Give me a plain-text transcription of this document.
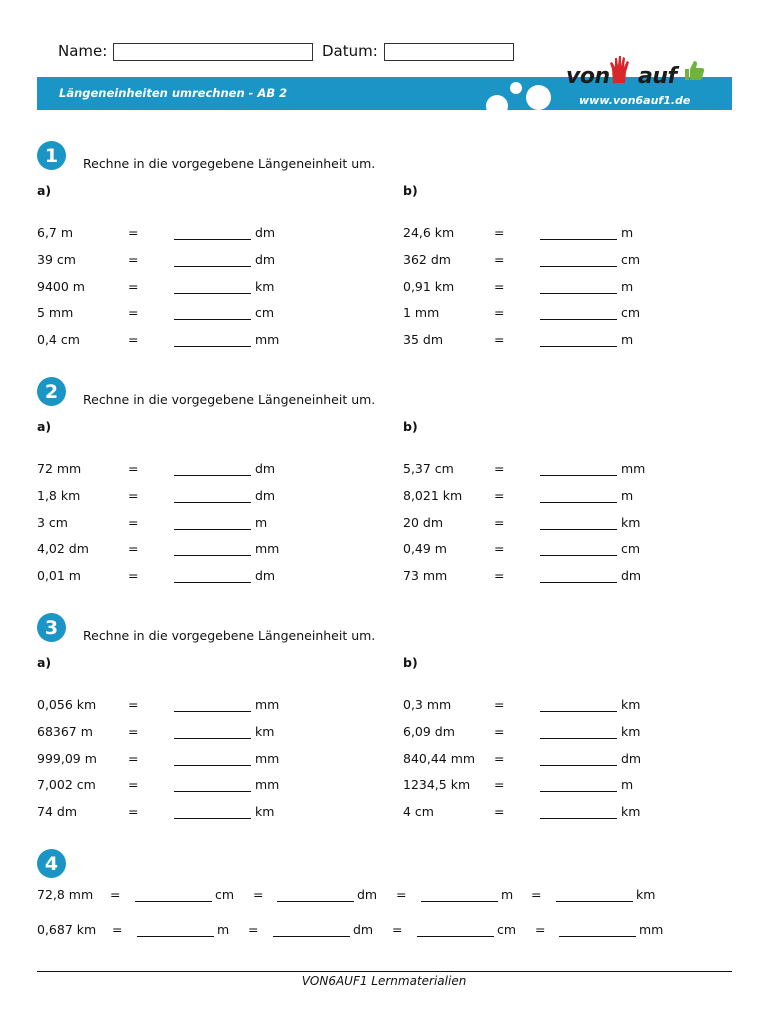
Name:	Datum:
Längeneinheiten umrechnen - AB 2
von auf
www.von6auf1.de
1 Rechne in die vorgegebene Längeneinheit um.
a)	b)
6,7 m	=	dm
39 cm	=	dm
9400 m	=	km
5 mm	=	cm
0,4 cm	=	mm
24,6 km	=	m
362 dm	=	cm
0,91 km	=	m
1 mm	=	cm
35 dm	=	m
2 Rechne in die vorgegebene Längeneinheit um.
a)	b)
72 mm	=	dm
1,8 km	=	dm
3 cm	=	m
4,02 dm	=	mm
0,01 m	=	dm
5,37 cm	=	mm
8,021 km	=	m
20 dm	=	km
0,49 m	=	cm
73 mm	=	dm
3 Rechne in die vorgegebene Längeneinheit um.
a)	b)
0,056 km	=	mm
68367 m	=	km
999,09 m =	mm
7,002 cm	=	mm
74 dm	=	km
0,3 mm	=	km
6,09 dm	=	km
840,44 mm =	dm
1234,5 km =	m
4 cm	=	km
4
72,8 mm =	cm =	dm =	m =	km
0,687 km =	m =	dm =	cm =	mm
VON6AUF1 Lernmaterialien
